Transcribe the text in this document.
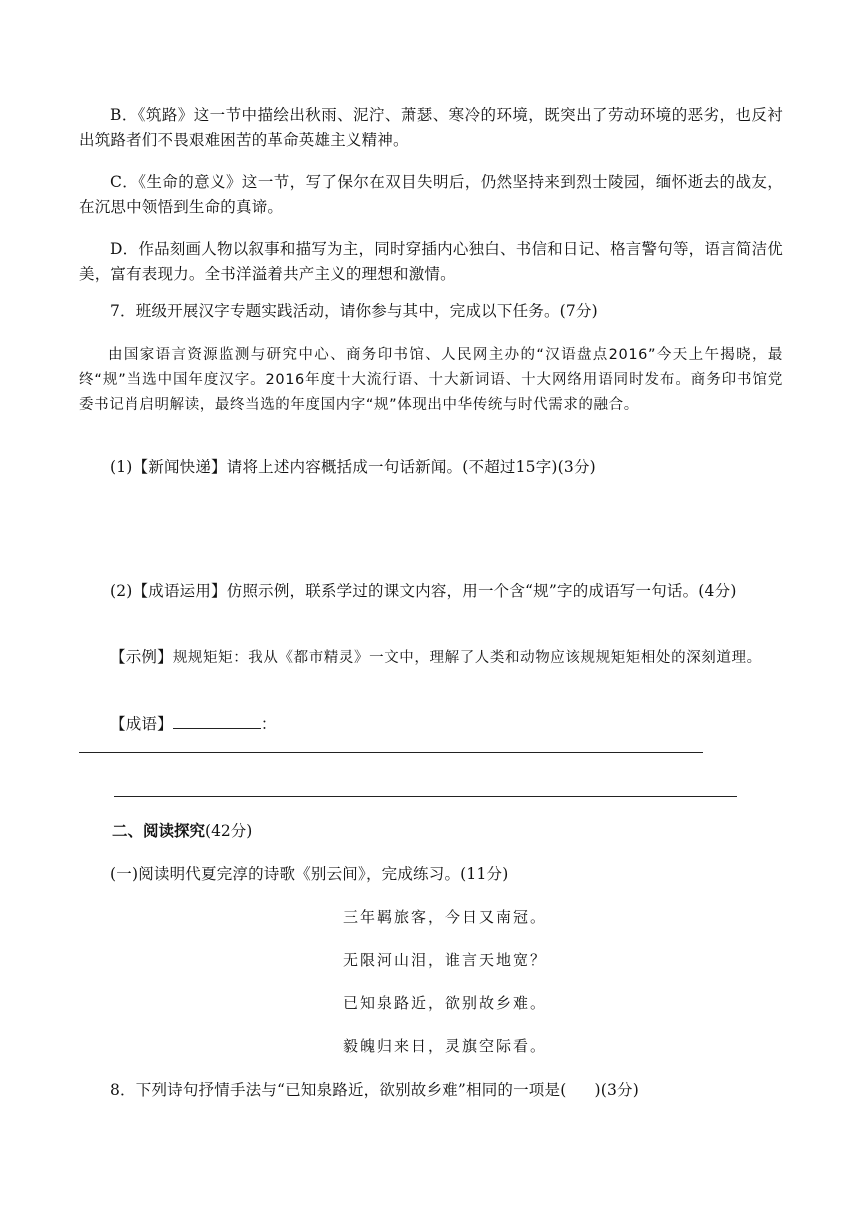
B．《筑路》这一节中描绘出秋雨、泥泞、萧瑟、寒冷的环境，既突出了劳动环境的恶劣，也反衬出筑路者们不畏艰难困苦的革命英雄主义精神。

C．《生命的意义》这一节，写了保尔在双目失明后，仍然坚持来到烈士陵园，缅怀逝去的战友，在沉思中领悟到生命的真谛。

D．作品刻画人物以叙事和描写为主，同时穿插内心独白、书信和日记、格言警句等，语言简洁优美，富有表现力。全书洋溢着共产主义的理想和激情。

7．班级开展汉字专题实践活动，请你参与其中，完成以下任务。(7分)

由国家语言资源监测与研究中心、商务印书馆、人民网主办的“汉语盘点2016”今天上午揭晓，最终“规”当选中国年度汉字。2016年度十大流行语、十大新词语、十大网络用语同时发布。商务印书馆党委书记肖启明解读，最终当选的年度国内字“规”体现出中华传统与时代需求的融合。

(1)【新闻快递】请将上述内容概括成一句话新闻。(不超过15字)(3分)

(2)【成语运用】仿照示例，联系学过的课文内容，用一个含“规”字的成语写一句话。(4分)

【示例】规规矩矩：我从《都市精灵》一文中，理解了人类和动物应该规规矩矩相处的深刻道理。

【成语】	：

二、阅读探究(42分)

(一)阅读明代夏完淳的诗歌《别云间》，完成练习。(11分)

三年羁旅客，今日又南冠。

无限河山泪，谁言天地宽？

已知泉路近，欲别故乡难。

毅魄归来日，灵旗空际看。

8．下列诗句抒情手法与“已知泉路近，欲别故乡难”相同的一项是( )(3分)
